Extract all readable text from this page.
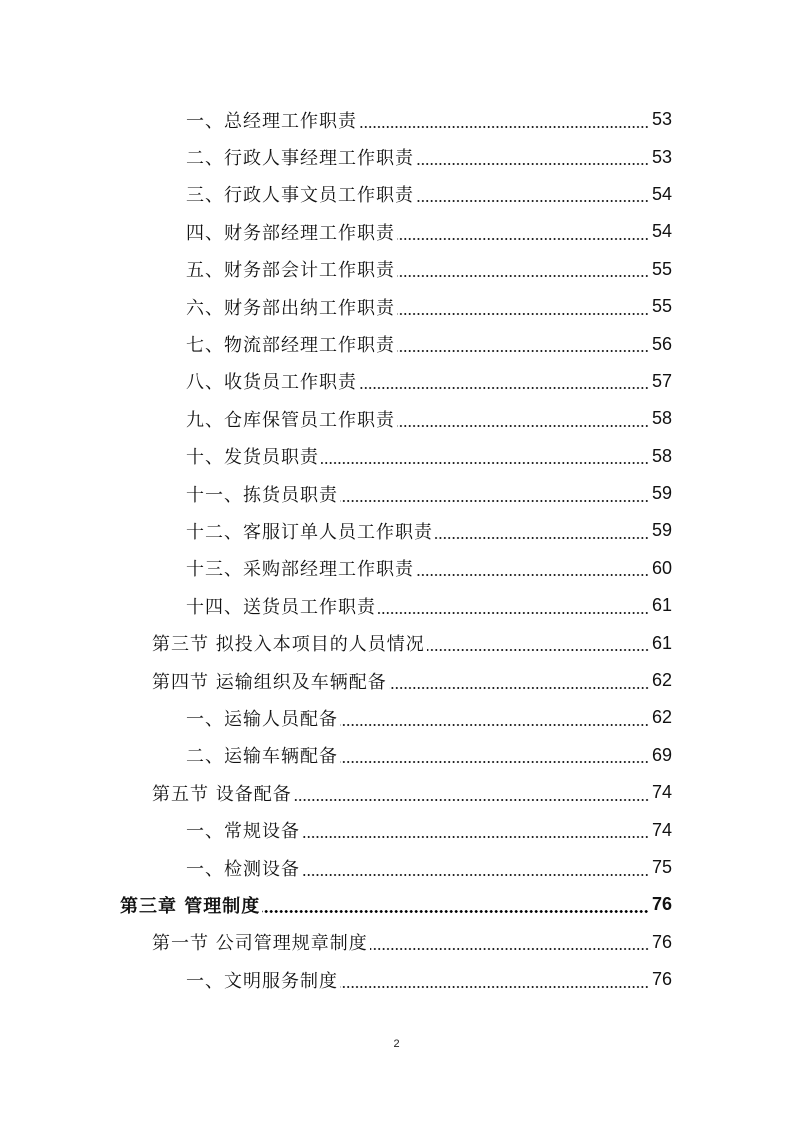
一、总经理工作职责	53
二、行政人事经理工作职责	53
三、行政人事文员工作职责	54
四、财务部经理工作职责	54
五、财务部会计工作职责	55
六、财务部出纳工作职责	55
七、物流部经理工作职责	56
八、收货员工作职责	57
九、仓库保管员工作职责	58
十、发货员职责	58
十一、拣货员职责	59
十二、客服订单人员工作职责	59
十三、采购部经理工作职责	60
十四、送货员工作职责	61
第三节 拟投入本项目的人员情况	61
第四节 运输组织及车辆配备	62
一、运输人员配备	62
二、运输车辆配备	69
第五节 设备配备	74
一、常规设备	74
一、检测设备	75
第三章 管理制度	76
第一节 公司管理规章制度	76
一、文明服务制度	76
2
